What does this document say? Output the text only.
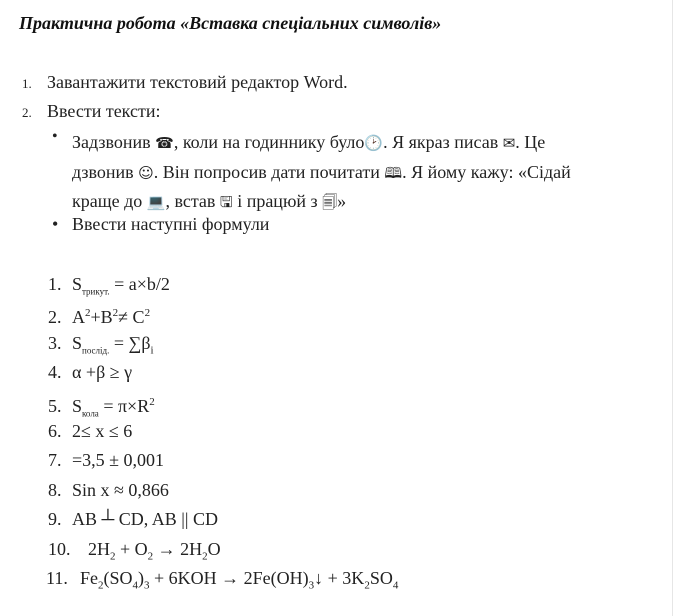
Практична робота «Вставка спеціальних символів»
1. Завантажити текстовий редактор Word.
2. Ввести тексти:
• Задзвонив ☎, коли на годиннику було🕑. Я якраз писав ✉. Це
дзвонив ☺. Він попросив дати почитати 🕮. Я йому кажу: «Сідай
краще до 💻, встав 🖫 і працюй з 🗐»
• Ввести наступні формули
1. $S_{трикут.} = a\times b/2$
2. $A^2+B^2\ne C^2$
3. $S_{послід.} = \sum\beta_i$
4. α +β ≥ γ
5. $S_{кола} = \pi\times R^2$
6. 2≤ x ≤ 6
7. =3,5 ± 0,001
8. Sin x ≈ 0,866
9. AB ┴ CD, AB || CD
10. $2H_2 + O_2 \to 2H_2O$
11. $Fe_2(SO_4)_3 + 6KOH$ → $2Fe(OH)_3↓ + 3K_2SO_4$
